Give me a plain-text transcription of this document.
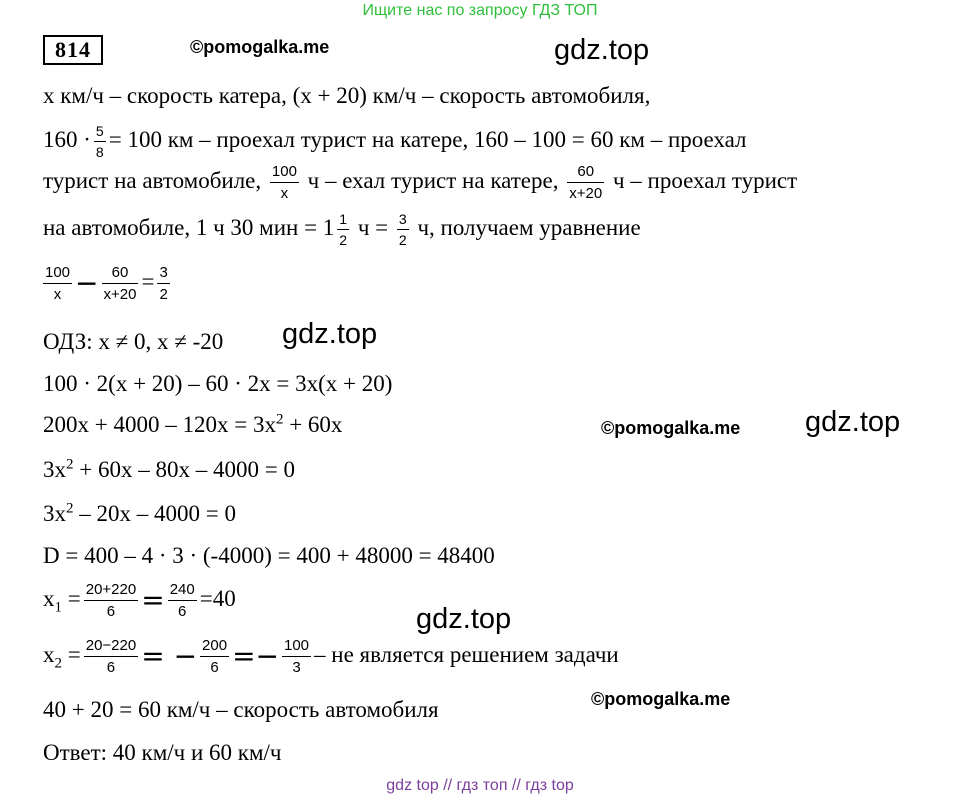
Ищите нас по запросу ГДЗ ТОП
814	©pomogalka.me	gdz.top
х км/ч – скорость катера, (х + 20) км/ч – скорость автомобиля,
$160 \cdot \frac{5}{8} = 100$ км – проехал турист на катере, 160 – 100 = 60 км – проехал
турист на автомобиле, $\frac{100}{x}$ ч – ехал турист на катере, $\frac{60}{x+20}$ ч – проехал турист
на автомобиле, 1 ч 30 мин = $1 \frac{1}{2}$ $ч = \frac{3}{2} ч$, получаем уравнение
$\frac{100}{x} - \frac{60}{x+20} = \frac{3}{2}$
ОДЗ: х ≠ 0, х ≠ -20 gdz.top
100 · 2(х + 20) – 60 · 2х = 3х(х + 20)
$200х + 4000 - 120х = 3х^2 + 60х$	©pomogalka.me gdz.top
$3х^2 + 60х - 80х - 4000 = 0$
$3х^2 - 20х - 4000 = 0$
D = 400 – 4 · 3 · (-4000) = 400 + 48000 = 48400
$х_1 = \frac{20+220}{6} = \frac{240}{6} =40$
gdz.top
$х_2 = \frac{20-220}{6}$ = − $\frac{200}{6} =- \frac{100}{3}$ – не является решением задачи
©pomogalka.me
40 + 20 = 60 км/ч – скорость автомобиля
Ответ: 40 км/ч и 60 км/ч
gdz top // гдз топ // гдз top
